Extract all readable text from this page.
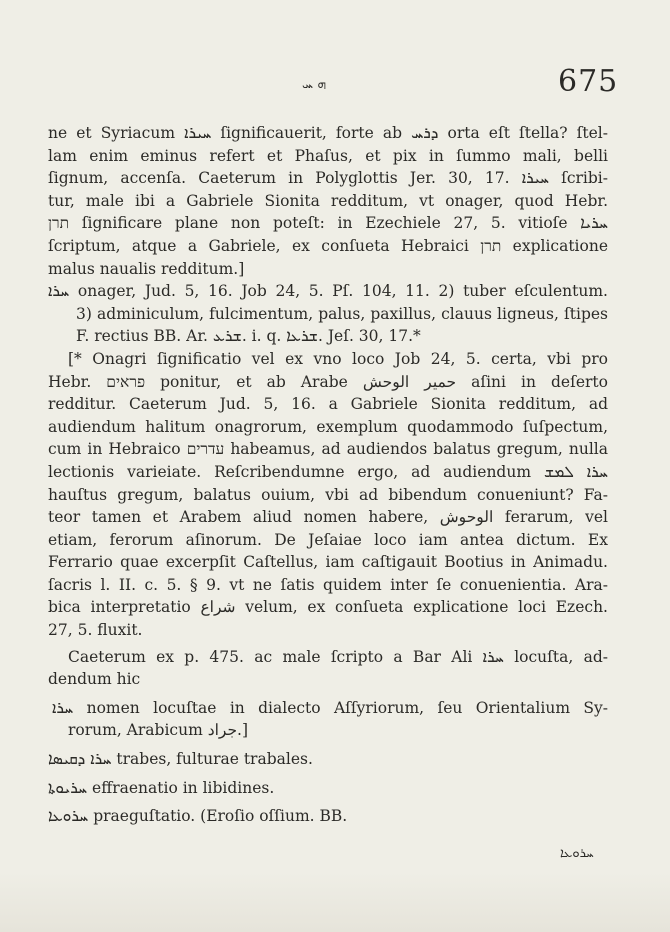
ܗ ܚ	675
ne et Syriacum ܚܝܪܐ ſignificauerit, forte ab ܕܪܚ orta eſt ſtella? ſtel-
lam enim eminus refert et Phaſus, et pix in ſummo mali, belli
ſignum, accenſa. Caeterum in Polyglottis Jer. 30, 17. ܚܝܪܐ ſcribi-
tur, male ibi a Gabriele Sionita redditum, vt onager, quod Hebr.
תרן ſignificare plane non poteſt: in Ezechiele 27, 5. vitioſe ܚܪܝܐ
ſcriptum, atque a Gabriele, ex conſueta Hebraici תרן explicatione
malus naualis redditum.]
ܚܪܐ onager, Jud. 5, 16. Job 24, 5. Pſ. 104, 11. 2) tuber eſculentum.
3) adminiculum, fulcimentum, palus, paxillus, clauus ligneus, ſtipes
F. rectius BB. Ar. ܫܪܥ. i. q. ܫܪܥܐ. Jeſ. 30, 17.*
[* Onagri ſignificatio vel ex vno loco Job 24, 5. certa, vbi pro
Hebr. פראים ponitur, et ab Arabe حمير الوحش aſini in deſerto
redditur. Caeterum Jud. 5, 16. a Gabriele Sionita redditum, ad
audiendum halitum onagrorum, exemplum quodammodo ſuſpectum,
cum in Hebraico עדרים habeamus, ad audiendos balatus gregum, nulla
lectionis varieiate. Reſcribendumne ergo, ad audiendum ܚܪܐ ܠܡܫ
hauſtus gregum, balatus ouium, vbi ad bibendum conueniunt? Fa-
teor tamen et Arabem aliud nomen habere, الوحوش ferarum, vel
etiam, ferorum aſinorum. De Jeſaiae loco iam antea dictum. Ex
Ferrario quae excerpſit Caſtellus, iam caſtigauit Bootius in Animadu.
ſacris l. II. c. 5. § 9. vt ne ſatis quidem inter ſe conuenientia. Ara-
bica interpretatio شراع velum, ex conſueta explicatione loci Ezech.
27, 5. fluxit.
Caeterum ex p. 475. ac male ſcripto a Bar Ali ܚܪܐ locuſta, ad-
dendum hic
ܚܪܐ nomen locuſtae in dialecto Aſſyriorum, ſeu Orientalium Sy-
rorum, Arabicum جراد.]
ܚܪܐ ܕܩܝܣܐ trabes, fulturae trabales.
ܚܪܝܘܬܐ effraenatio in libidines.
ܚܪܘܥܐ praeguſtatio. (Eroſio oſſium. BB.
ܚܪܘܥܐ
